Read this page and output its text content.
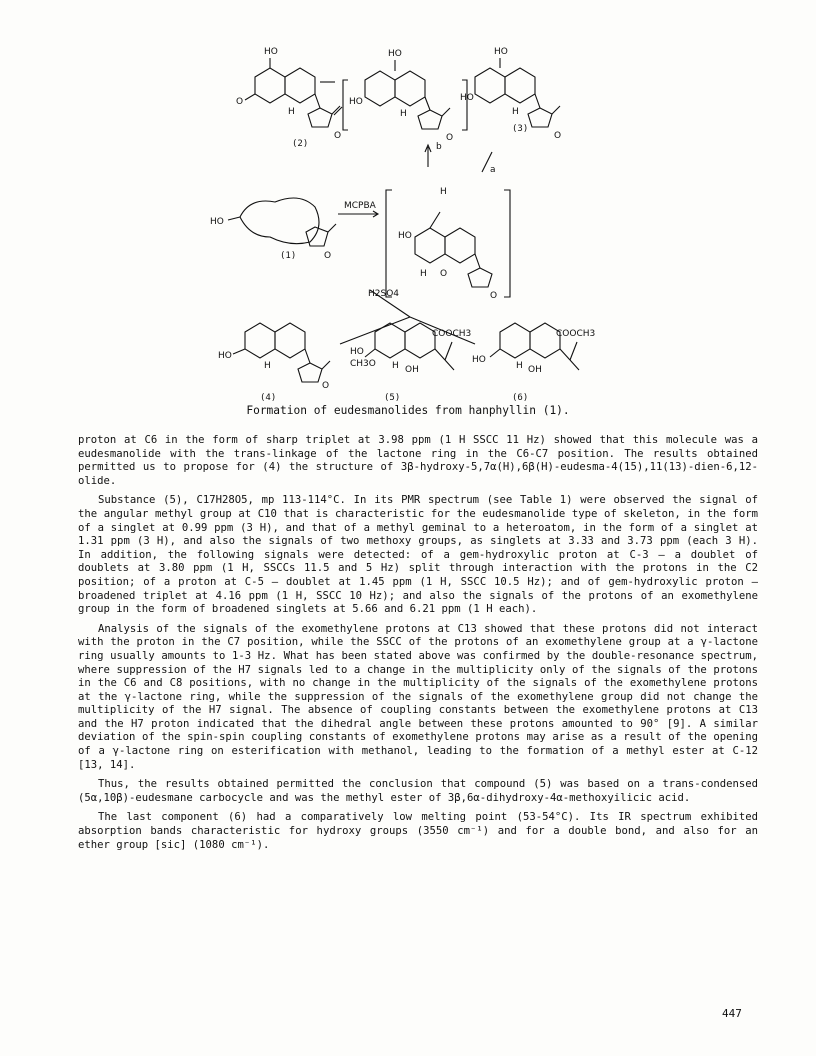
HO
O
H
O
(2)
HO
HO
H
O
HO
HO
H
O
(3)
b
a
HO
O
(1)
MCPBA
H
HO
H O
O
H2SO4
HO
H
O
(4)
HO
CH3O H OH
COOCH3
(5)
HO
H OH
COOCH3
(6)
Formation of eudesmanolides from hanphyllin (1).

proton at C6 in the form of sharp triplet at 3.98 ppm (1 H SSCC 11 Hz) showed that this molecule was a eudesmanolide with the trans-linkage of the lactone ring in the C6-C7 position. The results obtained permitted us to propose for (4) the structure of 3β-hydroxy-5,7α(H),6β(H)-eudesma-4(15),11(13)-dien-6,12-olide.

Substance (5), C17H28O5, mp 113-114°C. In its PMR spectrum (see Table 1) were observed the signal of the angular methyl group at C10 that is characteristic for the eudesmanolide type of skeleton, in the form of a singlet at 0.99 ppm (3 H), and that of a methyl geminal to a heteroatom, in the form of a singlet at 1.31 ppm (3 H), and also the signals of two methoxy groups, as singlets at 3.33 and 3.73 ppm (each 3 H). In addition, the following signals were detected: of a gem-hydroxylic proton at C-3 — a doublet of doublets at 3.80 ppm (1 H, SSCCs 11.5 and 5 Hz) split through interaction with the protons in the C2 position; of a proton at C-5 — doublet at 1.45 ppm (1 H, SSCC 10.5 Hz); and of gem-hydroxylic proton — broadened triplet at 4.16 ppm (1 H, SSCC 10 Hz); and also the signals of the protons of an exomethylene group in the form of broadened singlets at 5.66 and 6.21 ppm (1 H each).

Analysis of the signals of the exomethylene protons at C13 showed that these protons did not interact with the proton in the C7 position, while the SSCC of the protons of an exomethylene group at a γ-lactone ring usually amounts to 1-3 Hz. What has been stated above was confirmed by the double-resonance spectrum, where suppression of the H7 signals led to a change in the multiplicity only of the signals of the protons in the C6 and C8 positions, with no change in the multiplicity of the signals of the exomethylene protons at the γ-lactone ring, while the suppression of the signals of the exomethylene group did not change the multiplicity of the H7 signal. The absence of coupling constants between the exomethylene protons at C13 and the H7 proton indicated that the dihedral angle between these protons amounted to 90° [9]. A similar deviation of the spin-spin coupling constants of exomethylene protons may arise as a result of the opening of a γ-lactone ring on esterification with methanol, leading to the formation of a methyl ester at C-12 [13, 14].

Thus, the results obtained permitted the conclusion that compound (5) was based on a trans-condensed (5α,10β)-eudesmane carbocycle and was the methyl ester of 3β,6α-dihydroxy-4α-methoxyilicic acid.

The last component (6) had a comparatively low melting point (53-54°C). Its IR spectrum exhibited absorption bands characteristic for hydroxy groups (3550 cm⁻¹) and for a double bond, and also for an ether group [sic] (1080 cm⁻¹).

447
